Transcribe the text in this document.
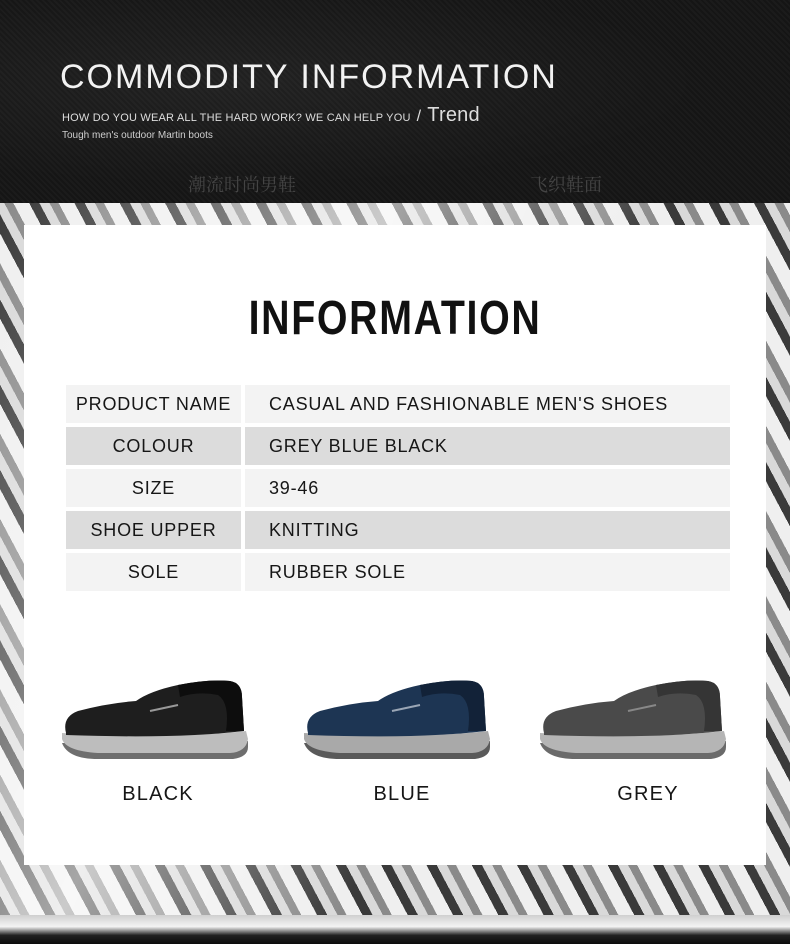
COMMODITY INFORMATION
HOW DO YOU WEAR ALL THE HARD WORK? WE CAN HELP YOU / Trend
Tough men's outdoor Martin boots
潮流时尚男鞋	飞织鞋面
INFORMATION
PRODUCT NAME	CASUAL AND FASHIONABLE MEN'S SHOES
COLOUR	GREY BLUE BLACK
SIZE	39-46
SHOE UPPER	KNITTING
SOLE	RUBBER SOLE
BLACK	BLUE	GREY
